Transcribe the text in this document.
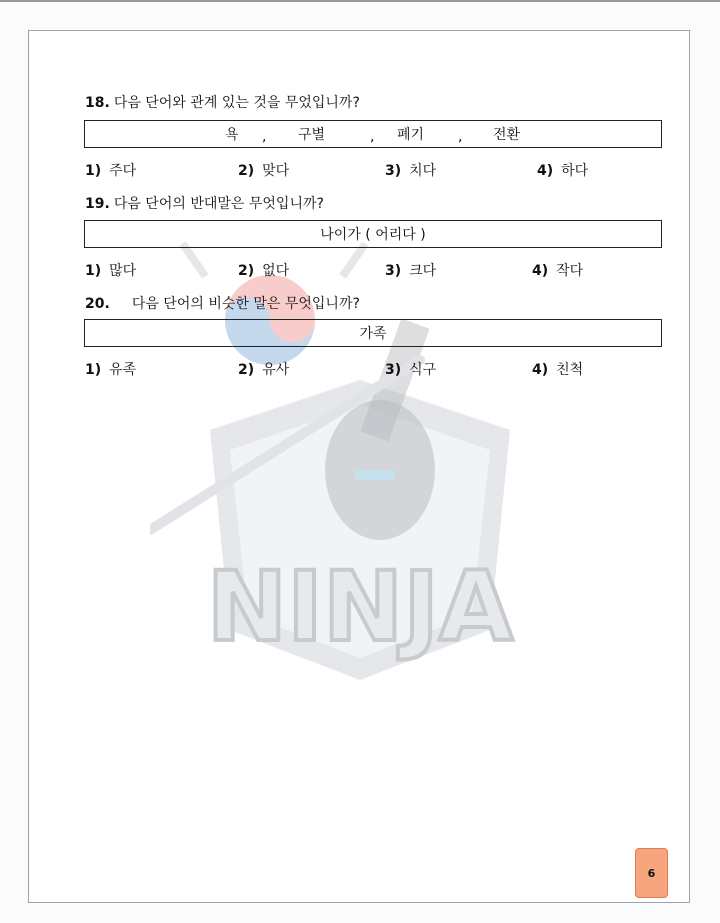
NINJA
18. 다음 단어와 관계 있는 것을 무었입니까?
욕 , 구별	, 폐기 , 전환
1) 주다	2) 맞다	3) 치다	4) 하다
19. 다음 단어의 반대말은 무엇입니까?
나이가 ( 어리다 )
1) 많다	2) 없다	3) 크다	4) 작다
20. 다음 단어의 비슷한 말은 무엇입니까?
가족
1) 유족	2) 유사	3) 식구	4) 친척
6
